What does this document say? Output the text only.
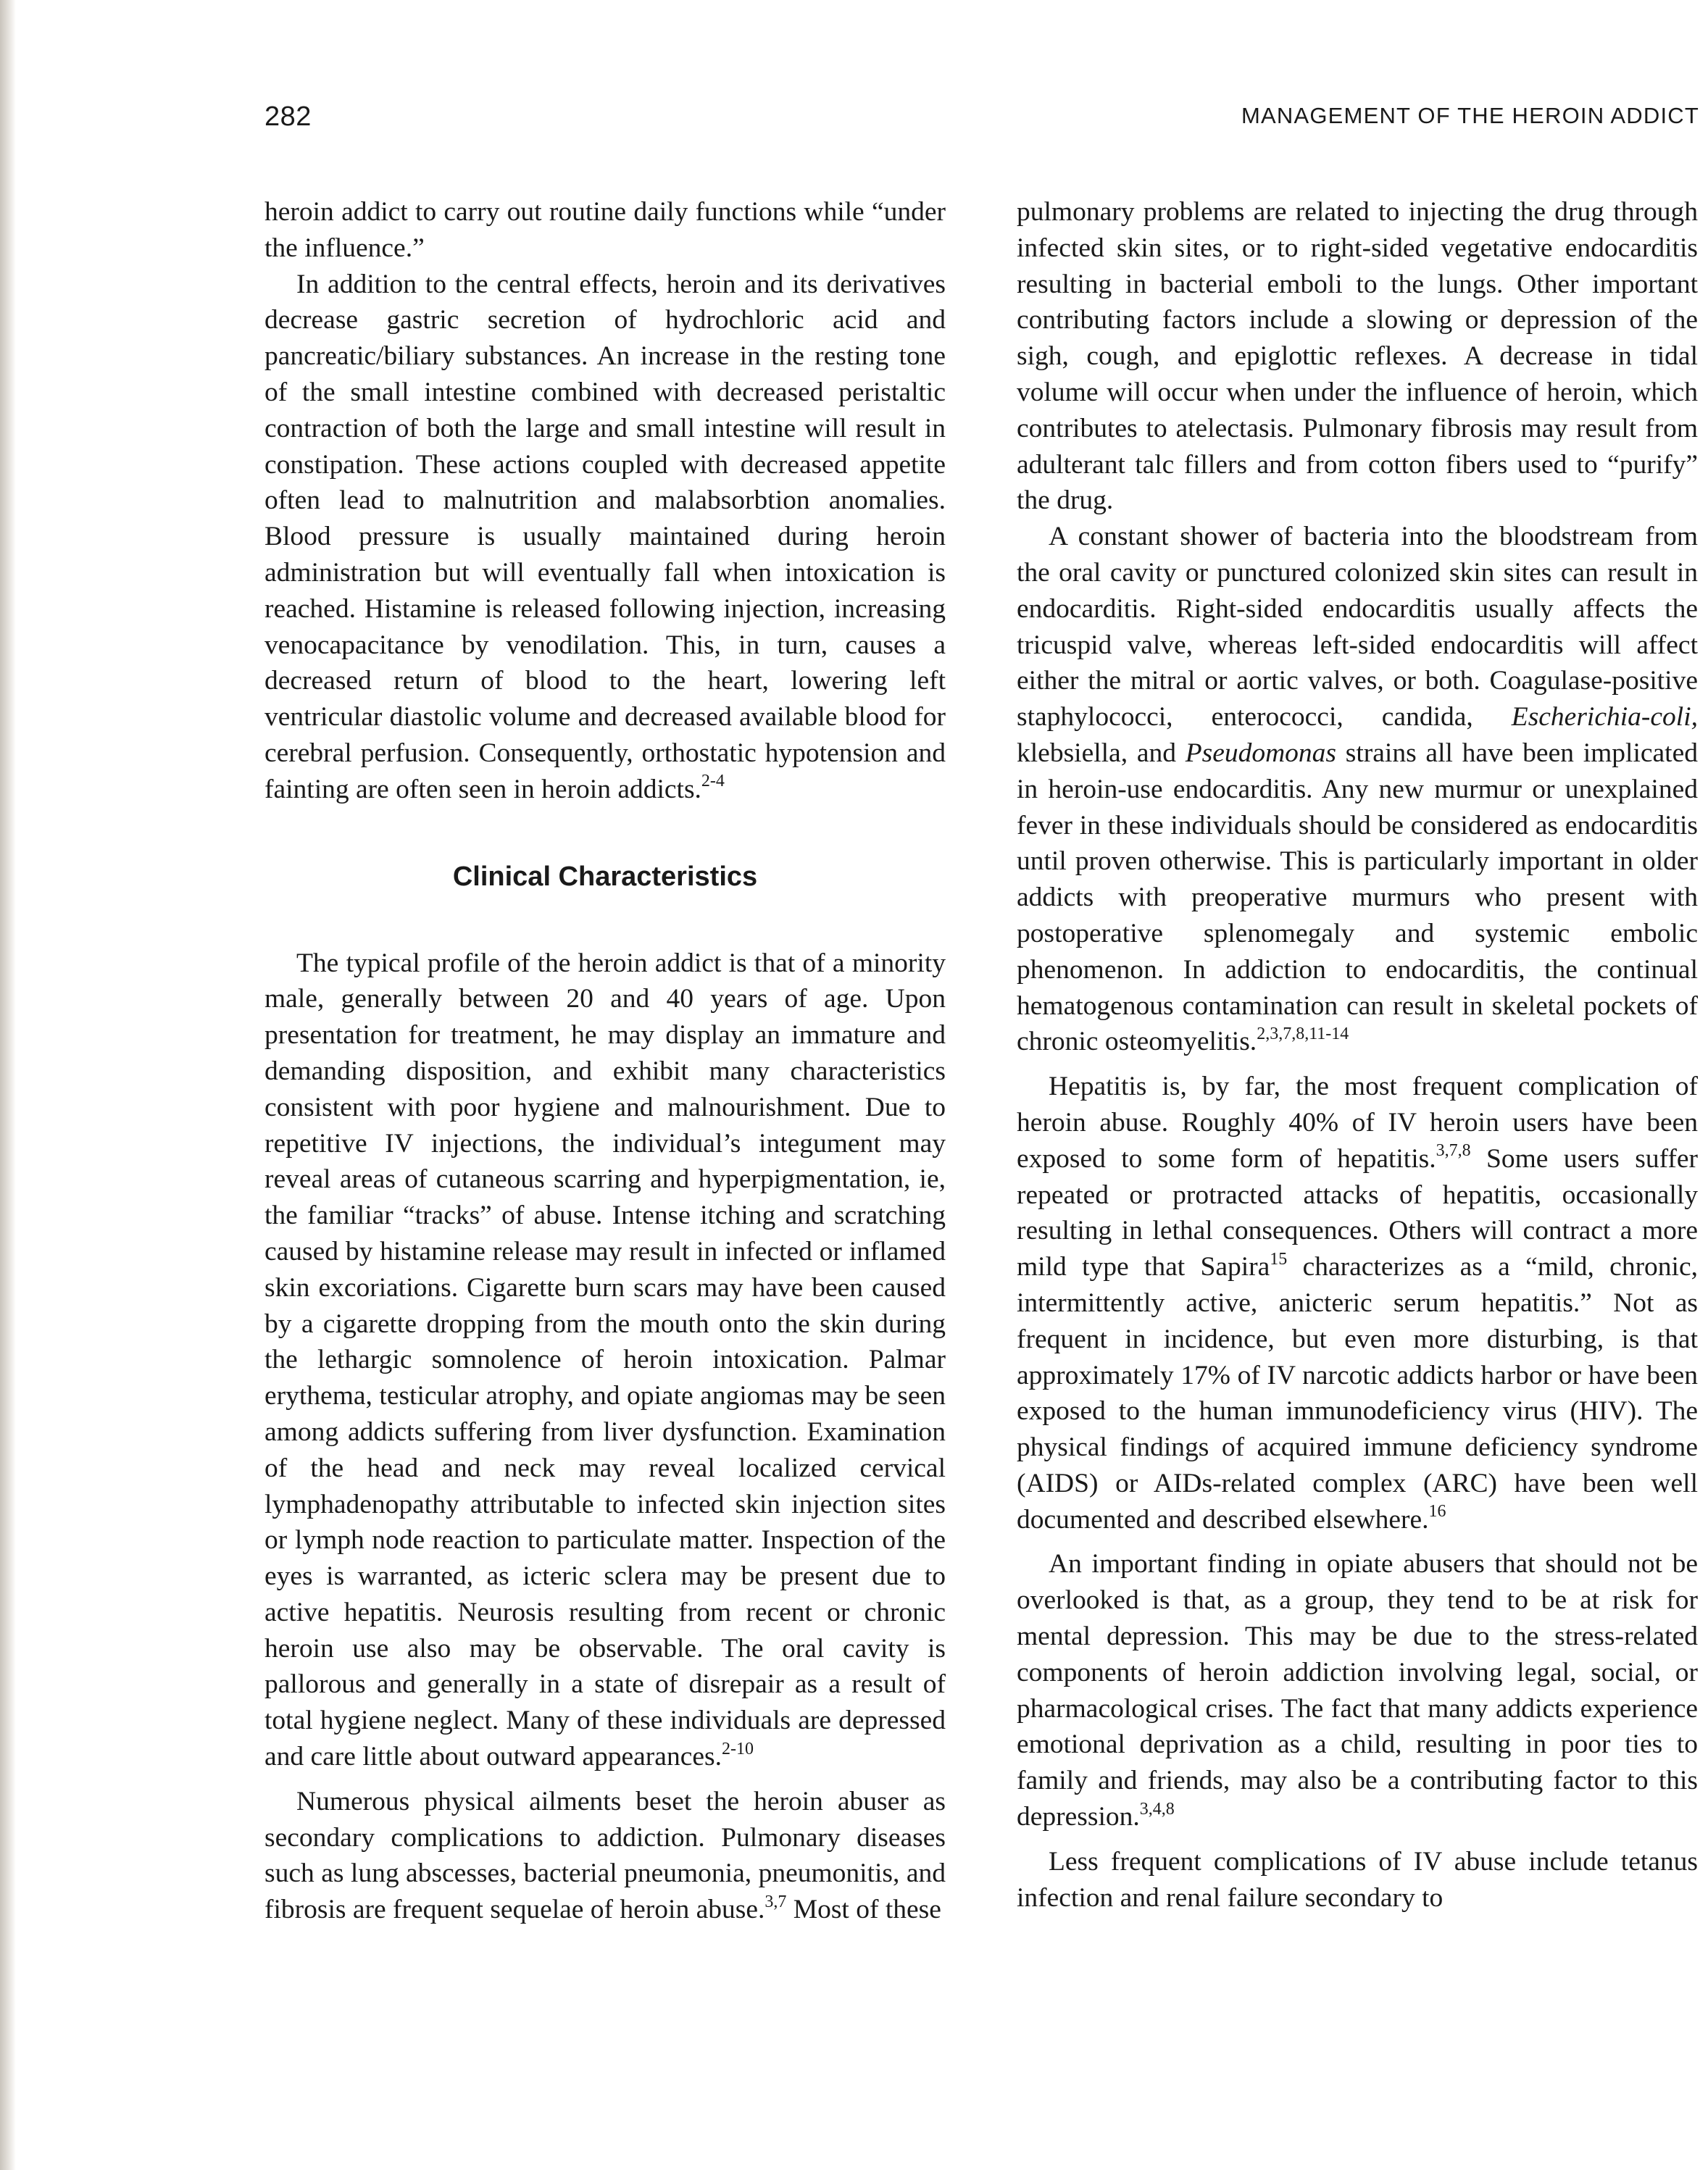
282	MANAGEMENT OF THE HEROIN ADDICT

heroin addict to carry out routine daily functions while “under the influence.”

In addition to the central effects, heroin and its derivatives decrease gastric secretion of hydrochloric acid and pancreatic/biliary substances. An increase in the resting tone of the small intestine combined with decreased peristaltic contraction of both the large and small intestine will result in constipation. These actions coupled with decreased appetite often lead to malnutrition and malabsorbtion anomalies. Blood pressure is usually maintained during heroin administration but will eventually fall when intoxication is reached. Histamine is released following injection, increasing venocapacitance by venodilation. This, in turn, causes a decreased return of blood to the heart, lowering left ventricular diastolic volume and decreased available blood for cerebral perfusion. Consequently, orthostatic hypotension and fainting are often seen in heroin addicts.$^{2-4}$

Clinical Characteristics

The typical profile of the heroin addict is that of a minority male, generally between 20 and 40 years of age. Upon presentation for treatment, he may display an immature and demanding disposition, and exhibit many characteristics consistent with poor hygiene and malnourishment. Due to repetitive IV injections, the individual’s integument may reveal areas of cutaneous scarring and hyperpigmentation, ie, the familiar “tracks” of abuse. Intense itching and scratching caused by histamine release may result in infected or inflamed skin excoriations. Cigarette burn scars may have been caused by a cigarette dropping from the mouth onto the skin during the lethargic somnolence of heroin intoxication. Palmar erythema, testicular atrophy, and opiate angiomas may be seen among addicts suffering from liver dysfunction. Examination of the head and neck may reveal localized cervical lymphadenopathy attributable to infected skin injection sites or lymph node reaction to particulate matter. Inspection of the eyes is warranted, as icteric sclera may be present due to active hepatitis. Neurosis resulting from recent or chronic heroin use also may be observable. The oral cavity is pallorous and generally in a state of disrepair as a result of total hygiene neglect. Many of these individuals are depressed and care little about outward appearances.$^{2-10}$

Numerous physical ailments beset the heroin abuser as secondary complications to addiction. Pulmonary diseases such as lung abscesses, bacterial pneumonia, pneumonitis, and fibrosis are frequent sequelae of heroin abuse.$^{3,7}$ Most of these

pulmonary problems are related to injecting the drug through infected skin sites, or to right-sided vegetative endocarditis resulting in bacterial emboli to the lungs. Other important contributing factors include a slowing or depression of the sigh, cough, and epiglottic reflexes. A decrease in tidal volume will occur when under the influence of heroin, which contributes to atelectasis. Pulmonary fibrosis may result from adulterant talc fillers and from cotton fibers used to “purify” the drug.

A constant shower of bacteria into the bloodstream from the oral cavity or punctured colonized skin sites can result in endocarditis. Right-sided endocarditis usually affects the tricuspid valve, whereas left-sided endocarditis will affect either the mitral or aortic valves, or both. Coagulase-positive staphylococci, enterococci, candida, Escherichia-coli, klebsiella, and Pseudomonas strains all have been implicated in heroin-use endocarditis. Any new murmur or unexplained fever in these individuals should be considered as endocarditis until proven otherwise. This is particularly important in older addicts with preoperative murmurs who present with postoperative splenomegaly and systemic embolic phenomenon. In addiction to endocarditis, the continual hematogenous contamination can result in skeletal pockets of chronic osteomyelitis.$^{2,3,7,8,11-14}$

Hepatitis is, by far, the most frequent complication of heroin abuse. Roughly 40% of IV heroin users have been exposed to some form of hepatitis.$^{3,7,8}$ Some users suffer repeated or protracted attacks of hepatitis, occasionally resulting in lethal consequences. Others will contract a more mild type that Sapira$^{15}$ characterizes as a “mild, chronic, intermittently active, anicteric serum hepatitis.” Not as frequent in incidence, but even more disturbing, is that approximately 17% of IV narcotic addicts harbor or have been exposed to the human immunodeficiency virus (HIV). The physical findings of acquired immune deficiency syndrome (AIDS) or AIDs-related complex (ARC) have been well documented and described elsewhere.$^{16}$

An important finding in opiate abusers that should not be overlooked is that, as a group, they tend to be at risk for mental depression. This may be due to the stress-related components of heroin addiction involving legal, social, or pharmacological crises. The fact that many addicts experience emotional deprivation as a child, resulting in poor ties to family and friends, may also be a contributing factor to this depression.$^{3,4,8}$

Less frequent complications of IV abuse include tetanus infection and renal failure secondary to
